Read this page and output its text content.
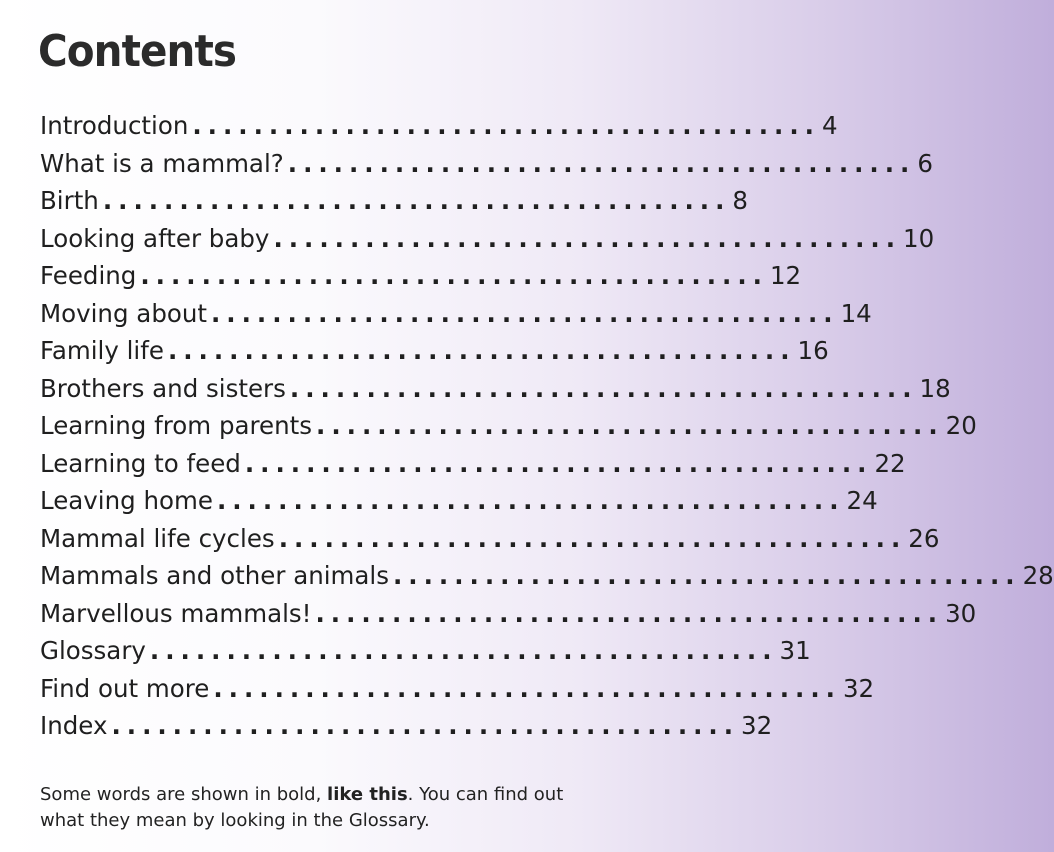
Contents
Introduction ......................................... 4
What is a mammal? ......................................... 6
Birth ......................................... 8
Looking after baby ......................................... 10
Feeding ......................................... 12
Moving about ......................................... 14
Family life ......................................... 16
Brothers and sisters ......................................... 18
Learning from parents ......................................... 20
Learning to feed ......................................... 22
Leaving home ......................................... 24
Mammal life cycles ......................................... 26
Mammals and other animals ......................................... 28
Marvellous mammals! ......................................... 30
Glossary ......................................... 31
Find out more ......................................... 32
Index ......................................... 32

Some words are shown in bold, like this. You can find out what they mean by looking in the Glossary.
